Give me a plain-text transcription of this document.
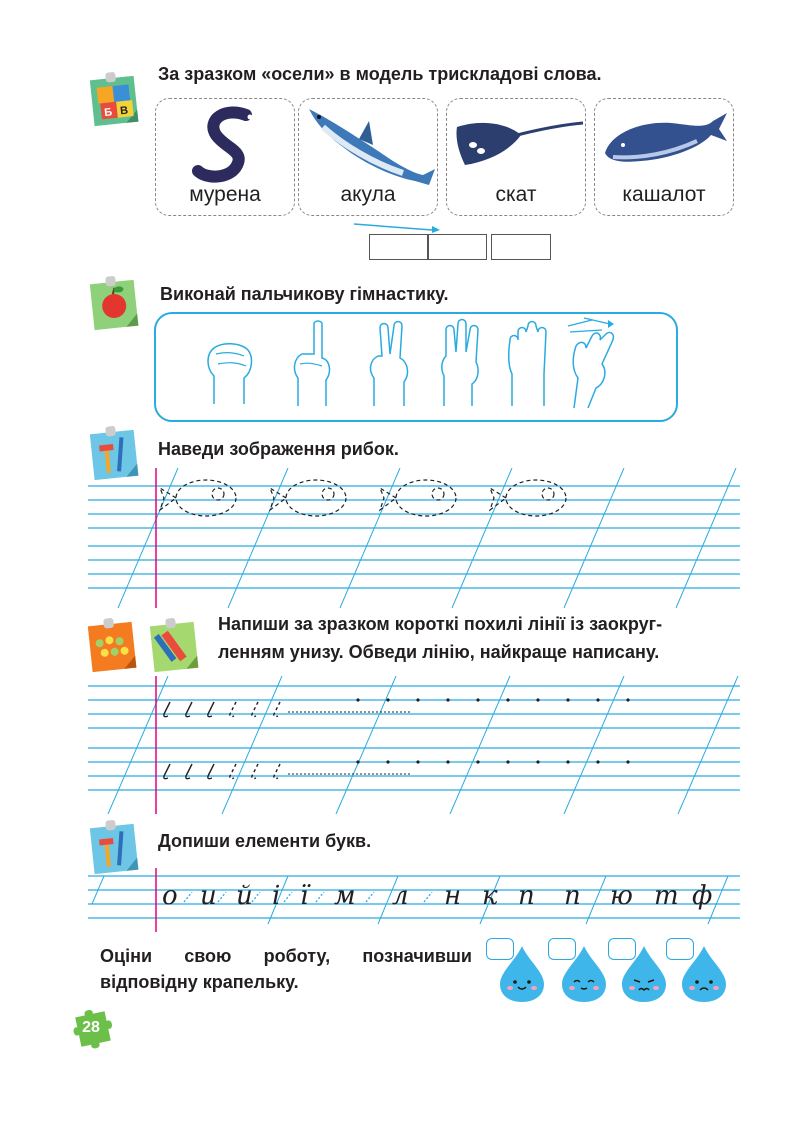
Б В
За зразком «осели» в модель трискладові слова.
мурена	акула	скат	кашалот
Виконай пальчикову гімнастику.
Наведи зображення рибок.
Напиши за зразком короткі похилі лінії із заокруг-
ленням унизу. Обведи лінію, найкраще написану.
Допиши елементи букв.
о и й і ї м л н к п п ю т ф
Оціни свою роботу, позначивши
відповідну крапельку.
28
